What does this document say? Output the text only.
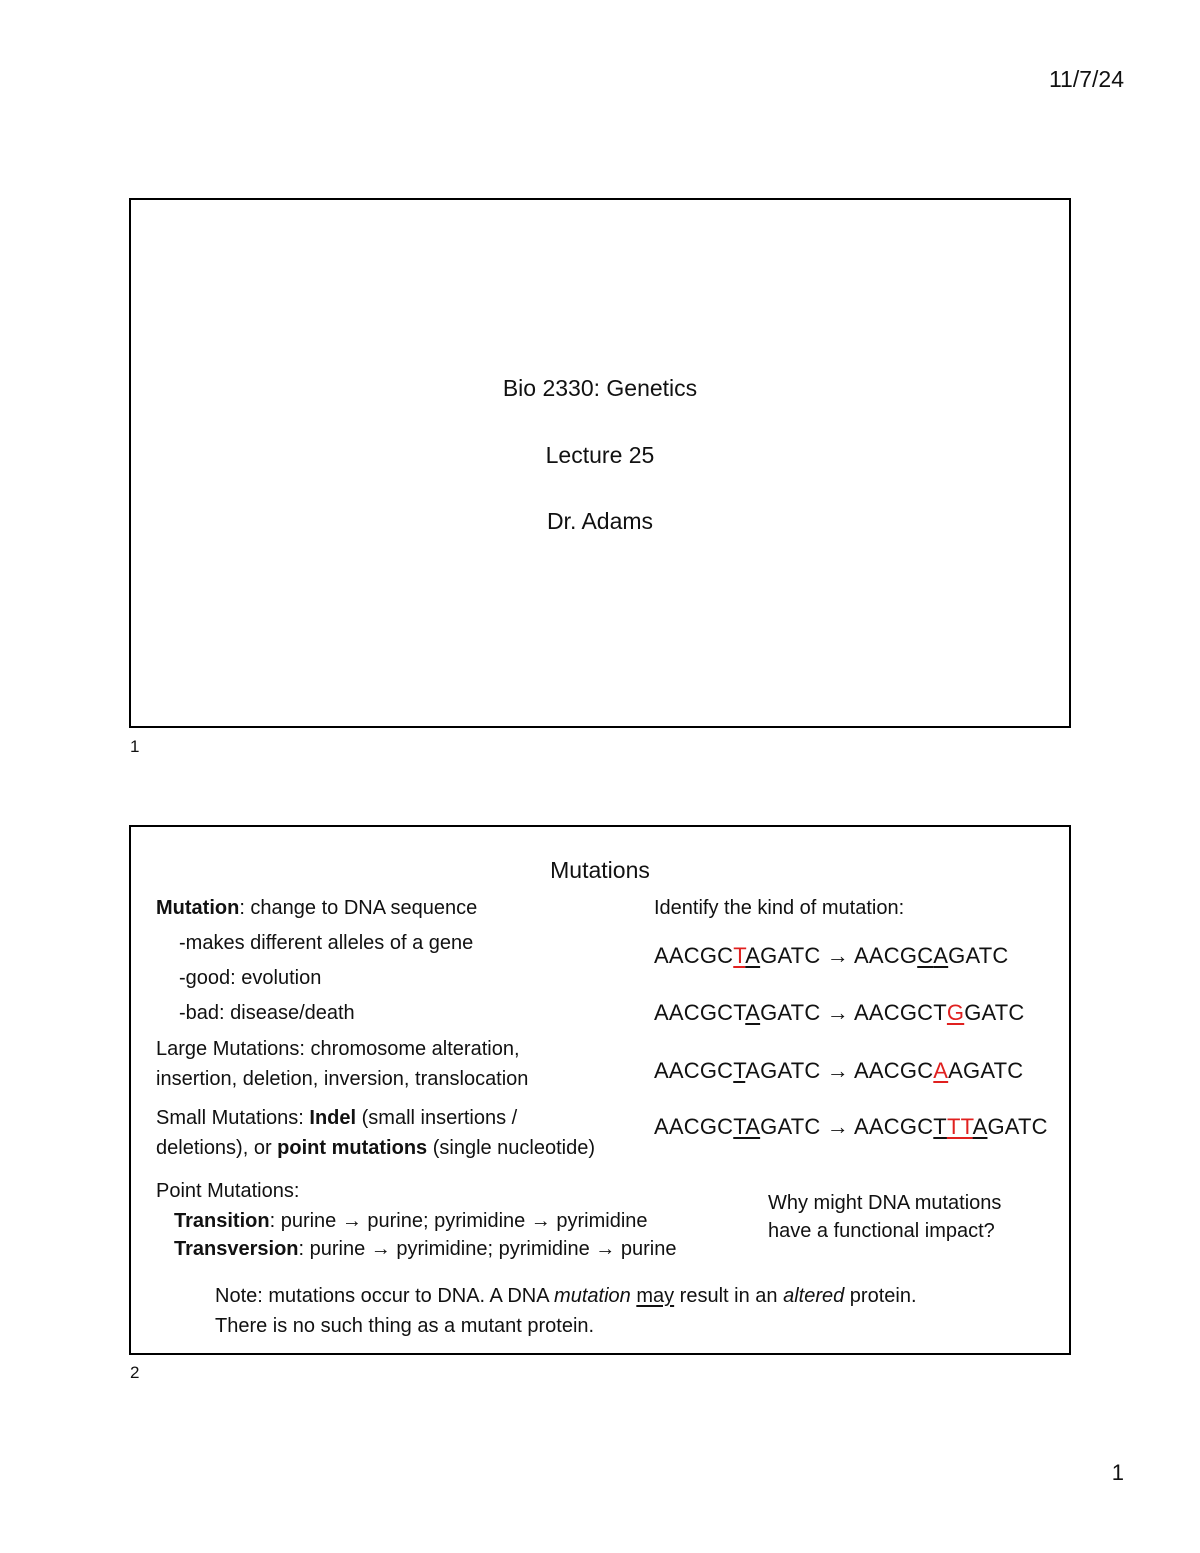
11/7/24
Bio 2330: Genetics
Lecture 25
Dr. Adams
1
Mutations
Mutation: change to DNA sequence
-makes different alleles of a gene
-good: evolution
-bad: disease/death
Large Mutations: chromosome alteration,
insertion, deletion, inversion, translocation
Small Mutations: Indel (small insertions /
deletions), or point mutations (single nucleotide)
Point Mutations:
Transition: purine → purine; pyrimidine → pyrimidine
Transversion: purine → pyrimidine; pyrimidine → purine
Identify the kind of mutation:
AACGCTAGATC → AACGCAGATC
AACGCTAGATC → AACGCTGGATC
AACGCTAGATC → AACGCAAGATC
AACGCTAGATC → AACGCTTTAGATC
Why might DNA mutations
have a functional impact?
Note: mutations occur to DNA. A DNA mutation may result in an altered protein.
There is no such thing as a mutant protein.
2
1
